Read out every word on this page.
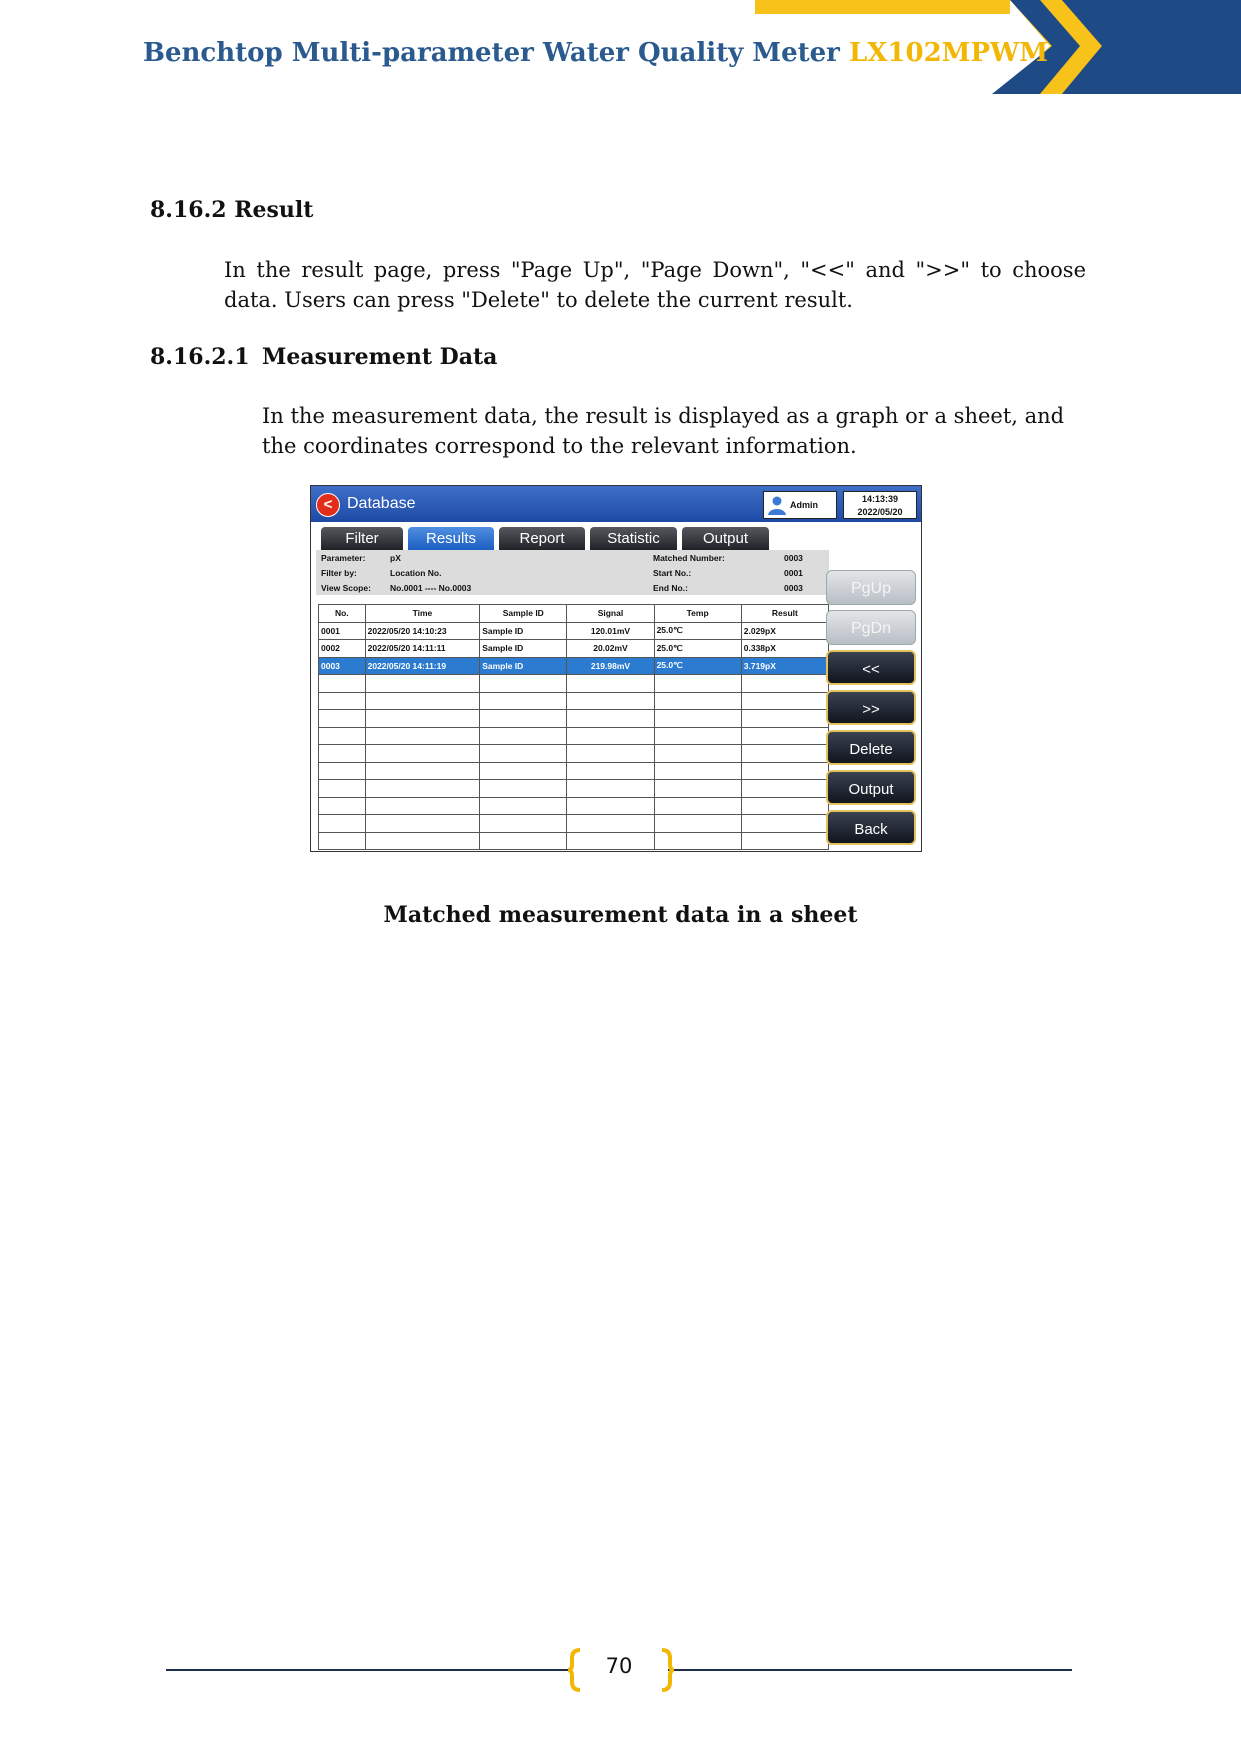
Benchtop Multi-parameter Water Quality Meter LX102MPWM
8.16.2 Result
In the result page, press "Page Up", "Page Down", "<<" and ">>" to choose data. Users can press "Delete" to delete the current result.
8.16.2.1 Measurement Data
In the measurement data, the result is displayed as a graph or a sheet, and the coordinates correspond to the relevant information.
< Database	Admin
14:13:39
2022/05/20
Filter	Results	Report	Statistic	Output
Parameter:	pX
Filter by:	Location No.
View Scope: No.0001 ---- No.0003
Matched Number:	0003
Start No.:	0001
End No.:	0003
No.	Time	Sample ID	Signal	Temp	Result
0001	2022/05/20 14:10:23	Sample ID	120.01mV	25.0℃	2.029pX
0002	2022/05/20 14:11:11	Sample ID	20.02mV	25.0℃	0.338pX
0003	2022/05/20 14:11:19	Sample ID	219.98mV	25.0℃	3.719pX

PgUp
PgDn
<<
>>
Delete
Output
Back
Matched measurement data in a sheet
70
